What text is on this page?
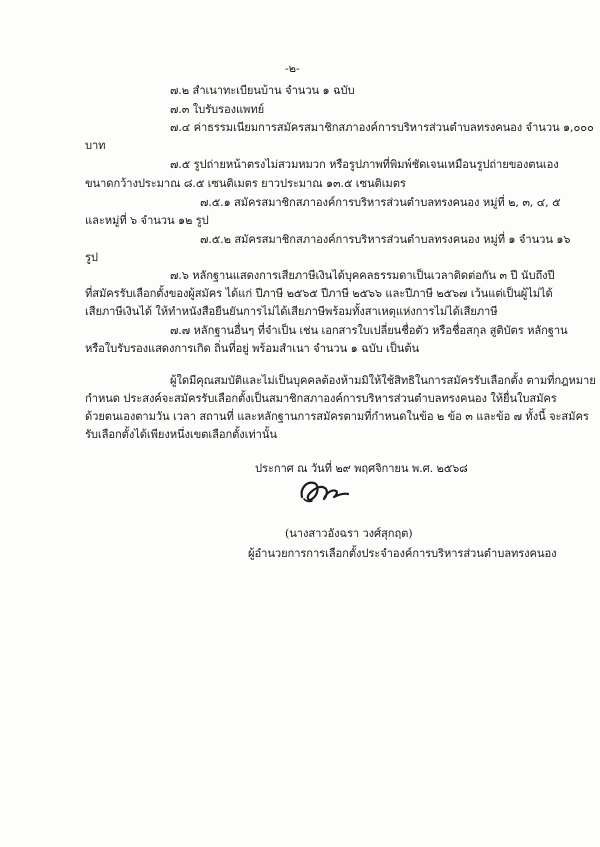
-๒-
๗.๒ สำเนาทะเบียนบ้าน จำนวน ๑ ฉบับ
๗.๓ ใบรับรองแพทย์
๗.๔ ค่าธรรมเนียมการสมัครสมาชิกสภาองค์การบริหารส่วนตำบลทรงคนอง จำนวน ๑,๐๐๐
บาท
๗.๕ รูปถ่ายหน้าตรงไม่สวมหมวก หรือรูปภาพที่พิมพ์ชัดเจนเหมือนรูปถ่ายของตนเอง
ขนาดกว้างประมาณ ๘.๕ เซนติเมตร ยาวประมาณ ๑๓.๕ เซนติเมตร
๗.๕.๑ สมัครสมาชิกสภาองค์การบริหารส่วนตำบลทรงคนอง หมู่ที่ ๒, ๓, ๔, ๕
และหมู่ที่ ๖ จำนวน ๑๒ รูป
๗.๕.๒ สมัครสมาชิกสภาองค์การบริหารส่วนตำบลทรงคนอง หมู่ที่ ๑ จำนวน ๑๖
รูป
๗.๖ หลักฐานแสดงการเสียภาษีเงินได้บุคคลธรรมดาเป็นเวลาติดต่อกัน ๓ ปี นับถึงปี
ที่สมัครรับเลือกตั้งของผู้สมัคร ได้แก่ ปีภาษี ๒๕๖๕ ปีภาษี ๒๕๖๖ และปีภาษี ๒๕๖๗ เว้นแต่เป็นผู้ไม่ได้
เสียภาษีเงินได้ ให้ทำหนังสือยืนยันการไม่ได้เสียภาษีพร้อมทั้งสาเหตุแห่งการไม่ได้เสียภาษี
๗.๗ หลักฐานอื่นๆ ที่จำเป็น เช่น เอกสารใบเปลี่ยนชื่อตัว หรือชื่อสกุล สูติบัตร หลักฐาน
หรือใบรับรองแสดงการเกิด ถิ่นที่อยู่ พร้อมสำเนา จำนวน ๑ ฉบับ เป็นต้น
ผู้ใดมีคุณสมบัติและไม่เป็นบุคคลต้องห้ามมิให้ใช้สิทธิในการสมัครรับเลือกตั้ง ตามที่กฎหมาย
กำหนด ประสงค์จะสมัครรับเลือกตั้งเป็นสมาชิกสภาองค์การบริหารส่วนตำบลทรงคนอง ให้ยื่นใบสมัคร
ด้วยตนเองตามวัน เวลา สถานที่ และหลักฐานการสมัครตามที่กำหนดในข้อ ๒ ข้อ ๓ และข้อ ๗ ทั้งนี้ จะสมัคร
รับเลือกตั้งได้เพียงหนึ่งเขตเลือกตั้งเท่านั้น
ประกาศ ณ วันที่ ๒๙ พฤศจิกายน พ.ศ. ๒๕๖๘
(นางสาวอังฉรา วงศ์สุกฤต)
ผู้อำนวยการการเลือกตั้งประจำองค์การบริหารส่วนตำบลทรงคนอง
